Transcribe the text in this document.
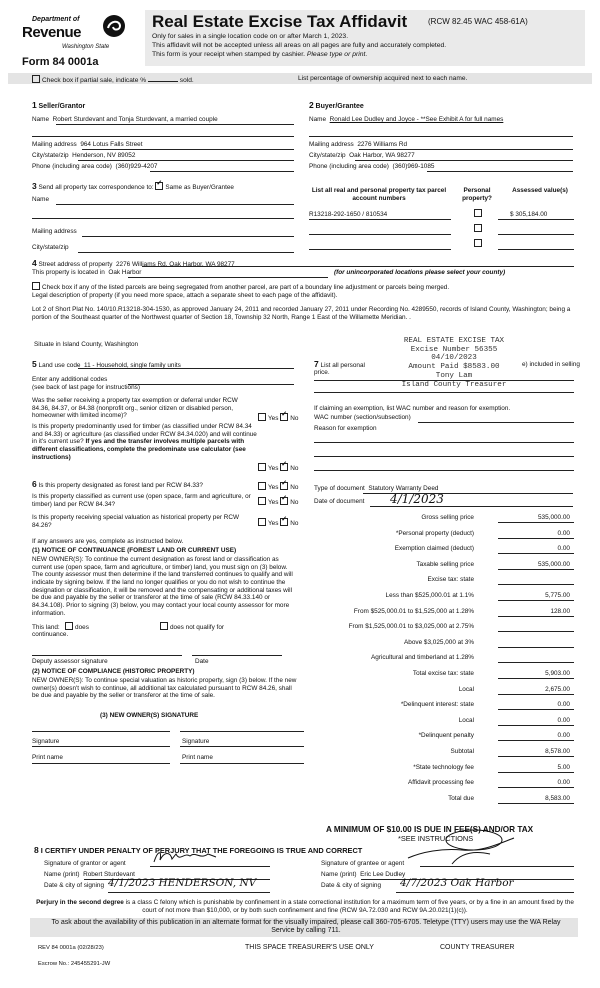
Department of
Revenue
Washington State
Form 84 0001a
Real Estate Excise Tax Affidavit	(RCW 82.45 WAC 458-61A)
Only for sales in a single location code on or after March 1, 2023.
This affidavit will not be accepted unless all areas on all pages are fully and accurately completed.
This form is your receipt when stamped by cashier. Please type or print.
Check box if partial sale, indicate %	sold.	List percentage of ownership acquired next to each name.
1 Seller/Grantor
Name Robert Sturdevant and Tonja Sturdevant, a married couple
Mailing address 964 Lotus Falls Street
City/state/zip Henderson, NV 89052
Phone (including area code) (360)929-4207
2 Buyer/Grantee
Name Ronald Lee Dudley and Joyce - **See Exhibit A for full names
Mailing address 2276 Williams Rd
City/state/zip Oak Harbor, WA 98277
Phone (including area code) (360)969-1085
3 Send all property tax correspondence to: ✓ Same as Buyer/Grantee
Name
Mailing address
City/state/zip
List all real and personal property tax parcel account numbers
Personal property?
Assessed value(s)
R13218-292-1650 / 810534	$ 305,184.00
4 Street address of property 2276 Williams Rd, Oak Harbor, WA 98277
This property is located in Oak Harbor	(for unincorporated locations please select your county)
Check box if any of the listed parcels are being segregated from another parcel, are part of a boundary line adjustment or parcels being merged.
Legal description of property (if you need more space, attach a separate sheet to each page of the affidavit).
Lot 2 of Short Plat No. 140/10.R13218-304-1530, as approved January 24, 2011 and recorded January 27, 2011 under Recording No. 4289550, records of Island County, Washington; being a portion of the Southeast quarter of the Northwest quarter of Section 18, Township 32 North, Range 1 East of the Willamette Meridian. .
Situate in Island County, Washington	REAL ESTATE EXCISE TAX
Excise Number 56355
04/10/2023
Amount Paid $8583.00
Tony Lam
Island County Treasurer
5 Land use code 11 - Household, single family units
Enter any additional codes
(see back of last page for instructions)
Was the seller receiving a property tax exemption or deferral under RCW 84.36, 84.37, or 84.38 (nonprofit org., senior citizen or disabled person, homeowner with limited income)?	Yes ✓ No
Is this property predominantly used for timber (as classified under RCW 84.34 and 84.33) or agriculture (as classified under RCW 84.34.020) and will continue in it's current use? If yes and the transfer involves multiple parcels with different classifications, complete the predominate use calculator (see instructions)
Yes ✓ No
7 List all personal
price.
e) included in selling
If claiming an exemption, list WAC number and reason for exemption.
WAC number (section/subsection)
Reason for exemption
6 Is this property designated as forest land per RCW 84.33?	Yes ✓ No
Is this property classified as current use (open space, farm and agriculture, or timber) land per RCW 84.34?	Yes ✓ No
Is this property receiving special valuation as historical property per RCW 84.26?	Yes ✓ No
If any answers are yes, complete as instructed below.
(1) NOTICE OF CONTINUANCE (FOREST LAND OR CURRENT USE)
NEW OWNER(S): To continue the current designation as forest land or classification as current use (open space, farm and agriculture, or timber) land, you must sign on (3) below. The county assessor must then determine if the land transferred continues to qualify and will indicate by signing below. If the land no longer qualifies or you do not wish to continue the designation or classification, it will be removed and the compensating or additional taxes will be due and payable by the seller or transferor at the time of sale (RCW 84.33.140 or 84.34.108). Prior to signing (3) below, you may contact your local county assessor for more information.
This land: does	does not qualify for
continuance.
Deputy assessor signature	Date
(2) NOTICE OF COMPLIANCE (HISTORIC PROPERTY)
NEW OWNER(S): To continue special valuation as historic property, sign (3) below. If the new owner(s) doesn't wish to continue, all additional tax calculated pursuant to RCW 84.26, shall be due and payable by the seller or transferor at the time of sale.
(3) NEW OWNER(S) SIGNATURE
Signature	Signature
Print name	Print name
Type of document Statutory Warranty Deed
Date of document 4/1/2023
Gross selling price	535,000.00
*Personal property (deduct)	0.00
Exemption claimed (deduct)	0.00
Taxable selling price	535,000.00
Excise tax: state
Less than $525,000.01 at 1.1%	5,775.00
From $525,000.01 to $1,525,000 at 1.28%	128.00
From $1,525,000.01 to $3,025,000 at 2.75%
Above $3,025,000 at 3%
Agricultural and timberland at 1.28%
Total excise tax: state	5,903.00
Local	2,675.00
*Delinquent interest: state	0.00
Local	0.00
*Delinquent penalty	0.00
Subtotal	8,578.00
*State technology fee	5.00
Affidavit processing fee	0.00
Total due	8,583.00
A MINIMUM OF $10.00 IS DUE IN FEE(S) AND/OR TAX
*SEE INSTRUCTIONS
8 I CERTIFY UNDER PENALTY OF PERJURY THAT THE FOREGOING IS TRUE AND CORRECT
Signature of grantor or agent
Name (print) Robert Sturdevant
Date & city of signing 4/1/2023 HENDERSON, NV
Signature of grantee or agent
Name (print) Eric Lee Dudley
Date & city of signing 4/7/2023 Oak Harbor
Perjury in the second degree is a class C felony which is punishable by confinement in a state correctional institution for a maximum term of five years, or by a fine in an amount fixed by the court of not more than $10,000, or by both such confinement and fine (RCW 9A.72.030 and RCW 9A.20.021(1)(c)).
To ask about the availability of this publication in an alternate format for the visually impaired, please call 360-705-6705. Teletype (TTY) users may use the WA Relay Service by calling 711.
REV 84 0001a (02/28/23)	THIS SPACE TREASURER'S USE ONLY	COUNTY TREASURER
Escrow No.: 245455291-JW
